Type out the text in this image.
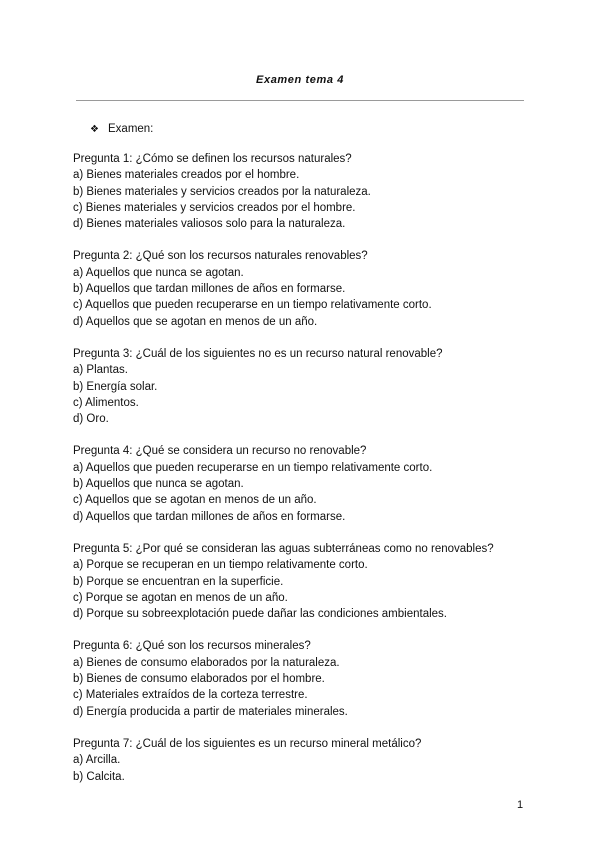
Examen tema 4
❖ Examen:
Pregunta 1: ¿Cómo se definen los recursos naturales?
a) Bienes materiales creados por el hombre.
b) Bienes materiales y servicios creados por la naturaleza.
c) Bienes materiales y servicios creados por el hombre.
d) Bienes materiales valiosos solo para la naturaleza.
Pregunta 2: ¿Qué son los recursos naturales renovables?
a) Aquellos que nunca se agotan.
b) Aquellos que tardan millones de años en formarse.
c) Aquellos que pueden recuperarse en un tiempo relativamente corto.
d) Aquellos que se agotan en menos de un año.
Pregunta 3: ¿Cuál de los siguientes no es un recurso natural renovable?
a) Plantas.
b) Energía solar.
c) Alimentos.
d) Oro.
Pregunta 4: ¿Qué se considera un recurso no renovable?
a) Aquellos que pueden recuperarse en un tiempo relativamente corto.
b) Aquellos que nunca se agotan.
c) Aquellos que se agotan en menos de un año.
d) Aquellos que tardan millones de años en formarse.
Pregunta 5: ¿Por qué se consideran las aguas subterráneas como no renovables?
a) Porque se recuperan en un tiempo relativamente corto.
b) Porque se encuentran en la superficie.
c) Porque se agotan en menos de un año.
d) Porque su sobreexplotación puede dañar las condiciones ambientales.
Pregunta 6: ¿Qué son los recursos minerales?
a) Bienes de consumo elaborados por la naturaleza.
b) Bienes de consumo elaborados por el hombre.
c) Materiales extraídos de la corteza terrestre.
d) Energía producida a partir de materiales minerales.
Pregunta 7: ¿Cuál de los siguientes es un recurso mineral metálico?
a) Arcilla.
b) Calcita.
1
